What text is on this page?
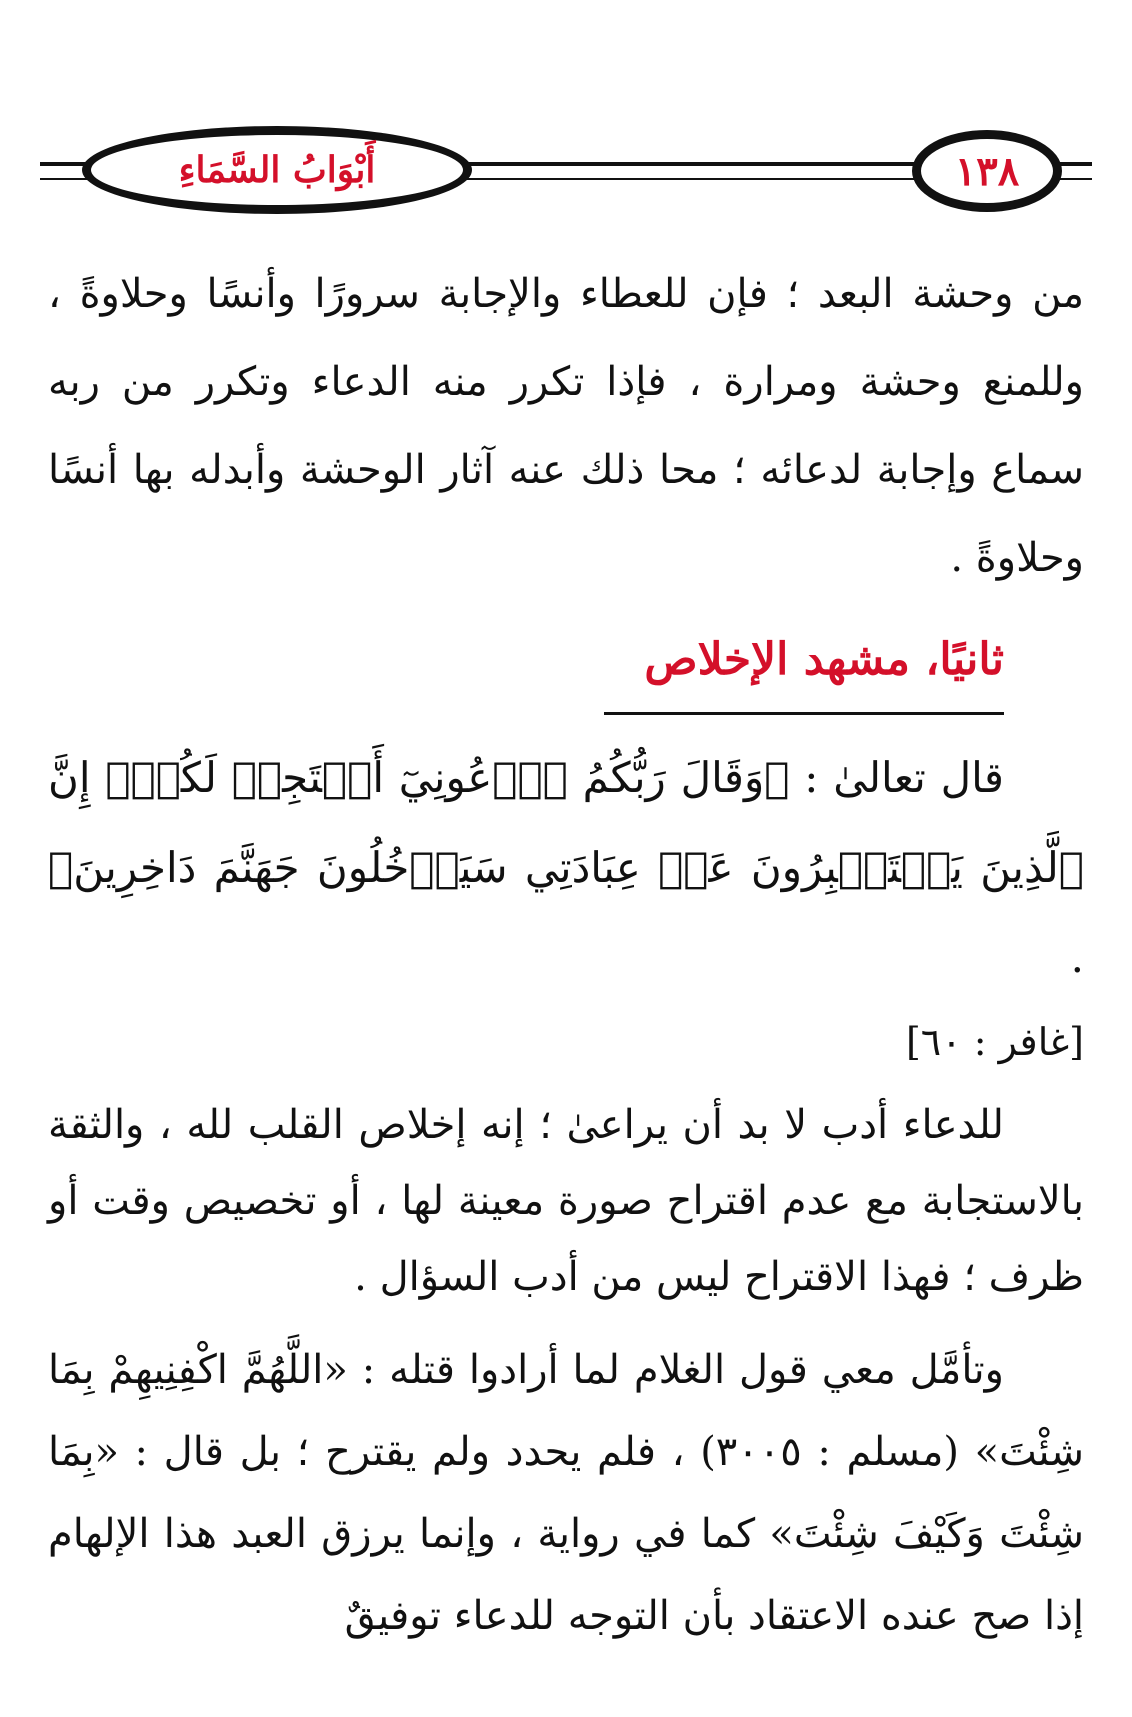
أَبْوَابُ السَّمَاءِ	١٣٨

من وحشة البعد ؛ فإن للعطاء والإجابة سرورًا وأنسًا وحلاوةً ، وللمنع وحشة ومرارة ، فإذا تكرر منه الدعاء وتكرر من ربه سماع وإجابة لدعائه ؛ محا ذلك عنه آثار الوحشة وأبدله بها أنسًا وحلاوةً .

ثانيًا، مشهد الإخلاص

قال تعالىٰ : ﴿وَقَالَ رَبُّكُمُ ٱدۡعُونِيٓ أَسۡتَجِبۡ لَكُمۡۚ إِنَّ ٱلَّذِينَ يَسۡتَكۡبِرُونَ عَنۡ عِبَادَتِي سَيَدۡخُلُونَ جَهَنَّمَ دَاخِرِينَ﴾ .

[غافر : ٦٠]

للدعاء أدب لا بد أن يراعىٰ ؛ إنه إخلاص القلب لله ، والثقة بالاستجابة مع عدم اقتراح صورة معينة لها ، أو تخصيص وقت أو ظرف ؛ فهذا الاقتراح ليس من أدب السؤال .

وتأمَّل معي قول الغلام لما أرادوا قتله : «اللَّهُمَّ اكْفِنِيهِمْ بِمَا شِئْتَ» (مسلم : ٣٠٠٥) ، فلم يحدد ولم يقترح ؛ بل قال : «بِمَا شِئْتَ وَكَيْفَ شِئْتَ» كما في رواية ، وإنما يرزق العبد هذا الإلهام إذا صح عنده الاعتقاد بأن التوجه للدعاء توفيقٌ
